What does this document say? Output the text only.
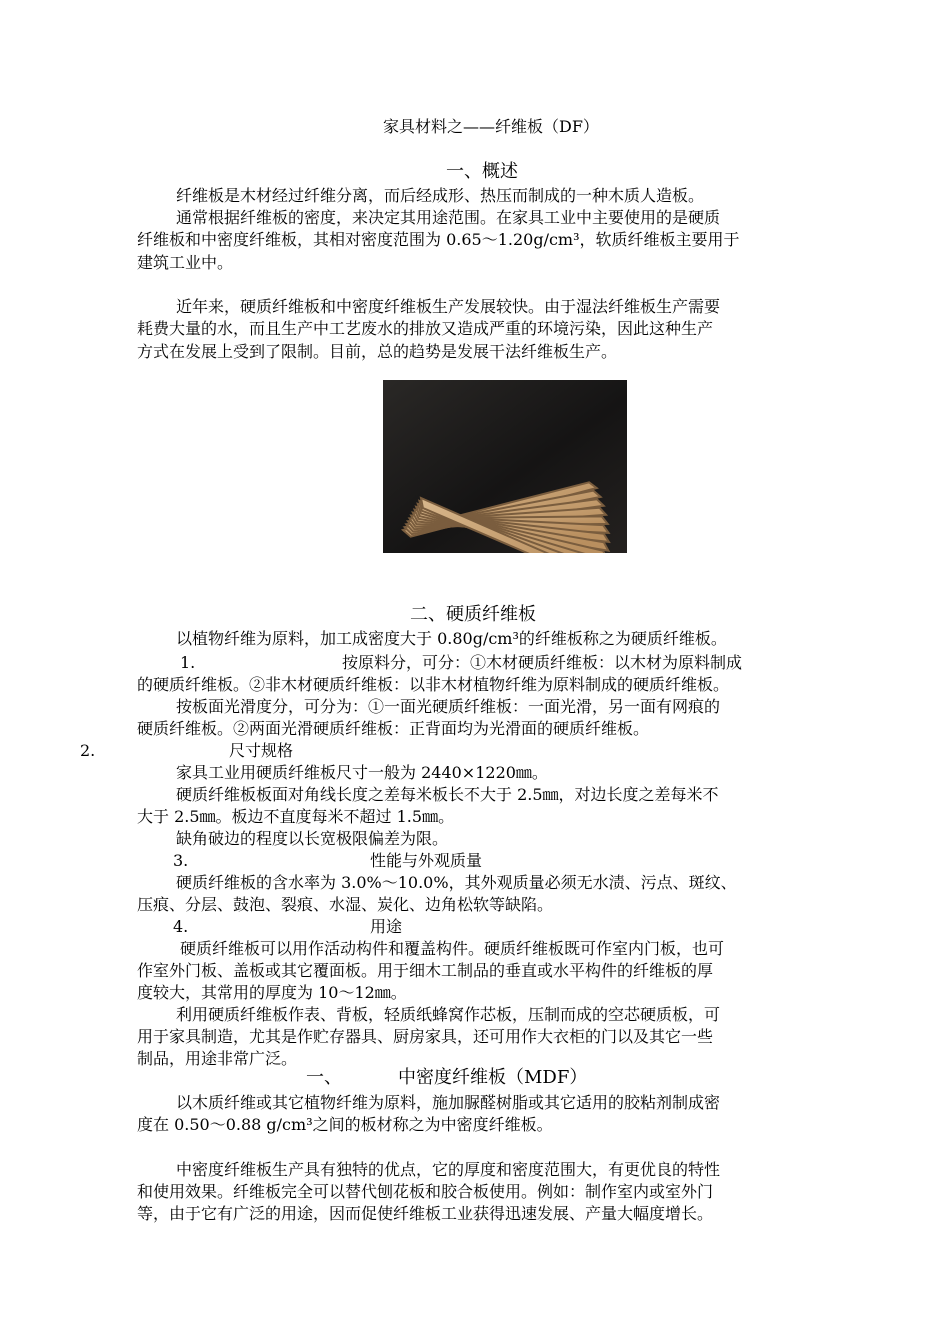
家具材料之——纤维板（DF）
一、概述
纤维板是木材经过纤维分离，而后经成形、热压而制成的一种木质人造板。
通常根据纤维板的密度，来决定其用途范围。在家具工业中主要使用的是硬质
纤维板和中密度纤维板，其相对密度范围为 0.65～1.20g/cm³，软质纤维板主要用于
建筑工业中。
近年来，硬质纤维板和中密度纤维板生产发展较快。由于湿法纤维板生产需要
耗费大量的水，而且生产中工艺废水的排放又造成严重的环境污染，因此这种生产
方式在发展上受到了限制。目前，总的趋势是发展干法纤维板生产。
二、硬质纤维板
以植物纤维为原料，加工成密度大于 0.80g/cm³的纤维板称之为硬质纤维板。
1.	按原料分，可分：①木材硬质纤维板：以木材为原料制成
的硬质纤维板。②非木材硬质纤维板：以非木材植物纤维为原料制成的硬质纤维板。
按板面光滑度分，可分为：①一面光硬质纤维板：一面光滑，另一面有网痕的
硬质纤维板。②两面光滑硬质纤维板：正背面均为光滑面的硬质纤维板。
2.	尺寸规格
家具工业用硬质纤维板尺寸一般为 2440×1220㎜。
硬质纤维板板面对角线长度之差每米板长不大于 2.5㎜，对边长度之差每米不
大于 2.5㎜。板边不直度每米不超过 1.5㎜。
缺角破边的程度以长宽极限偏差为限。
3.	性能与外观质量
硬质纤维板的含水率为 3.0%～10.0%，其外观质量必须无水渍、污点、斑纹、
压痕、分层、鼓泡、裂痕、水湿、炭化、边角松软等缺陷。
4.	用途
硬质纤维板可以用作活动构件和覆盖构件。硬质纤维板既可作室内门板，也可
作室外门板、盖板或其它覆面板。用于细木工制品的垂直或水平构件的纤维板的厚
度较大，其常用的厚度为 10～12㎜。
利用硬质纤维板作表、背板，轻质纸蜂窝作芯板，压制而成的空芯硬质板，可
用于家具制造，尤其是作贮存器具、厨房家具，还可用作大衣柜的门以及其它一些
制品，用途非常广泛。
一、	中密度纤维板（MDF）
以木质纤维或其它植物纤维为原料，施加脲醛树脂或其它适用的胶粘剂制成密
度在 0.50～0.88 g/cm³之间的板材称之为中密度纤维板。
中密度纤维板生产具有独特的优点，它的厚度和密度范围大，有更优良的特性
和使用效果。纤维板完全可以替代刨花板和胶合板使用。例如：制作室内或室外门
等，由于它有广泛的用途，因而促使纤维板工业获得迅速发展、产量大幅度增长。
